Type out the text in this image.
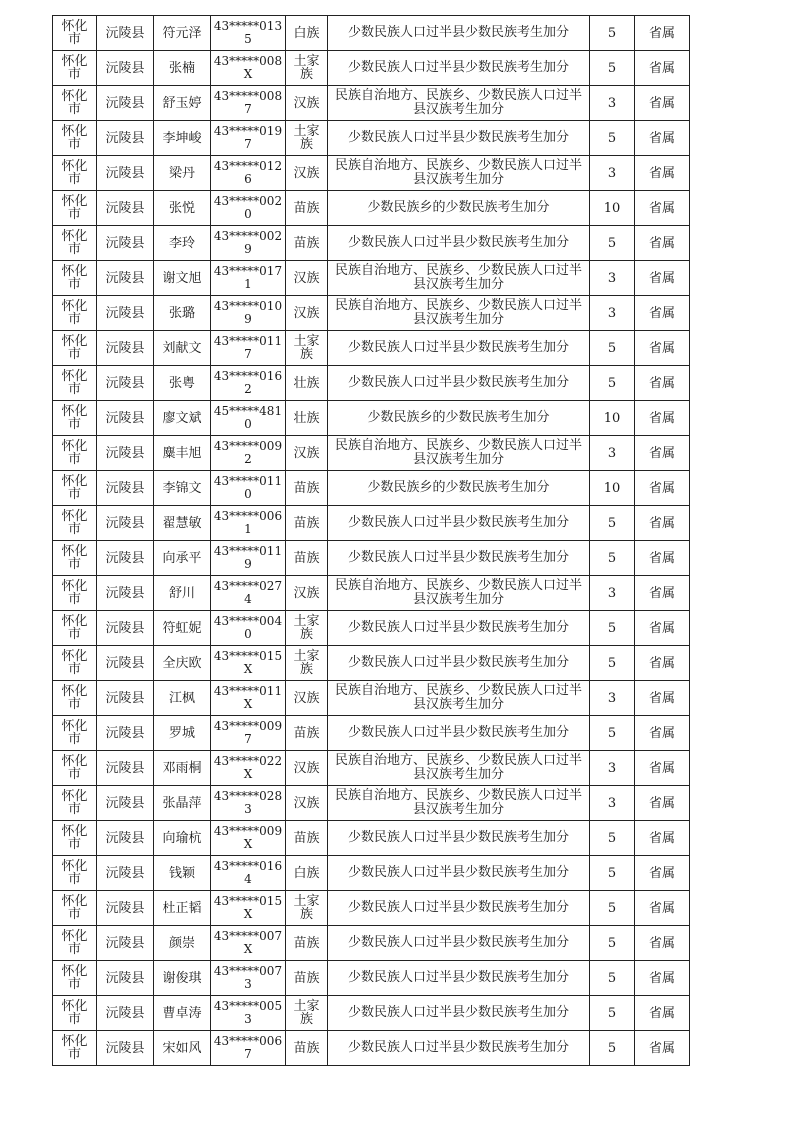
怀化市	沅陵县	符元泽	43*****0135	白族	少数民族人口过半县少数民族考生加分	5	省属
怀化市	沅陵县	张楠	43*****008X	土家族	少数民族人口过半县少数民族考生加分	5	省属
怀化市	沅陵县	舒玉婷	43*****0087	汉族	民族自治地方、民族乡、少数民族人口过半县汉族考生加分	3	省属
怀化市	沅陵县	李坤峻	43*****0197	土家族	少数民族人口过半县少数民族考生加分	5	省属
怀化市	沅陵县	梁丹	43*****0126	汉族	民族自治地方、民族乡、少数民族人口过半县汉族考生加分	3	省属
怀化市	沅陵县	张悦	43*****0020	苗族	少数民族乡的少数民族考生加分	10	省属
怀化市	沅陵县	李玲	43*****0029	苗族	少数民族人口过半县少数民族考生加分	5	省属
怀化市	沅陵县	谢文旭	43*****0171	汉族	民族自治地方、民族乡、少数民族人口过半县汉族考生加分	3	省属
怀化市	沅陵县	张璐	43*****0109	汉族	民族自治地方、民族乡、少数民族人口过半县汉族考生加分	3	省属
怀化市	沅陵县	刘献文	43*****0117	土家族	少数民族人口过半县少数民族考生加分	5	省属
怀化市	沅陵县	张粤	43*****0162	壮族	少数民族人口过半县少数民族考生加分	5	省属
怀化市	沅陵县	廖文斌	45*****4810	壮族	少数民族乡的少数民族考生加分	10	省属
怀化市	沅陵县	麋丰旭	43*****0092	汉族	民族自治地方、民族乡、少数民族人口过半县汉族考生加分	3	省属
怀化市	沅陵县	李锦文	43*****0110	苗族	少数民族乡的少数民族考生加分	10	省属
怀化市	沅陵县	翟慧敏	43*****0061	苗族	少数民族人口过半县少数民族考生加分	5	省属
怀化市	沅陵县	向承平	43*****0119	苗族	少数民族人口过半县少数民族考生加分	5	省属
怀化市	沅陵县	舒川	43*****0274	汉族	民族自治地方、民族乡、少数民族人口过半县汉族考生加分	3	省属
怀化市	沅陵县	符虹妮	43*****0040	土家族	少数民族人口过半县少数民族考生加分	5	省属
怀化市	沅陵县	全庆欧	43*****015X	土家族	少数民族人口过半县少数民族考生加分	5	省属
怀化市	沅陵县	江枫	43*****011X	汉族	民族自治地方、民族乡、少数民族人口过半县汉族考生加分	3	省属
怀化市	沅陵县	罗城	43*****0097	苗族	少数民族人口过半县少数民族考生加分	5	省属
怀化市	沅陵县	邓雨桐	43*****022X	汉族	民族自治地方、民族乡、少数民族人口过半县汉族考生加分	3	省属
怀化市	沅陵县	张晶萍	43*****0283	汉族	民族自治地方、民族乡、少数民族人口过半县汉族考生加分	3	省属
怀化市	沅陵县	向瑜杭	43*****009X	苗族	少数民族人口过半县少数民族考生加分	5	省属
怀化市	沅陵县	钱颖	43*****0164	白族	少数民族人口过半县少数民族考生加分	5	省属
怀化市	沅陵县	杜正韬	43*****015X	土家族	少数民族人口过半县少数民族考生加分	5	省属
怀化市	沅陵县	颜崇	43*****007X	苗族	少数民族人口过半县少数民族考生加分	5	省属
怀化市	沅陵县	谢俊琪	43*****0073	苗族	少数民族人口过半县少数民族考生加分	5	省属
怀化市	沅陵县	曹卓涛	43*****0053	土家族	少数民族人口过半县少数民族考生加分	5	省属
怀化市	沅陵县	宋如风	43*****0067	苗族	少数民族人口过半县少数民族考生加分	5	省属
